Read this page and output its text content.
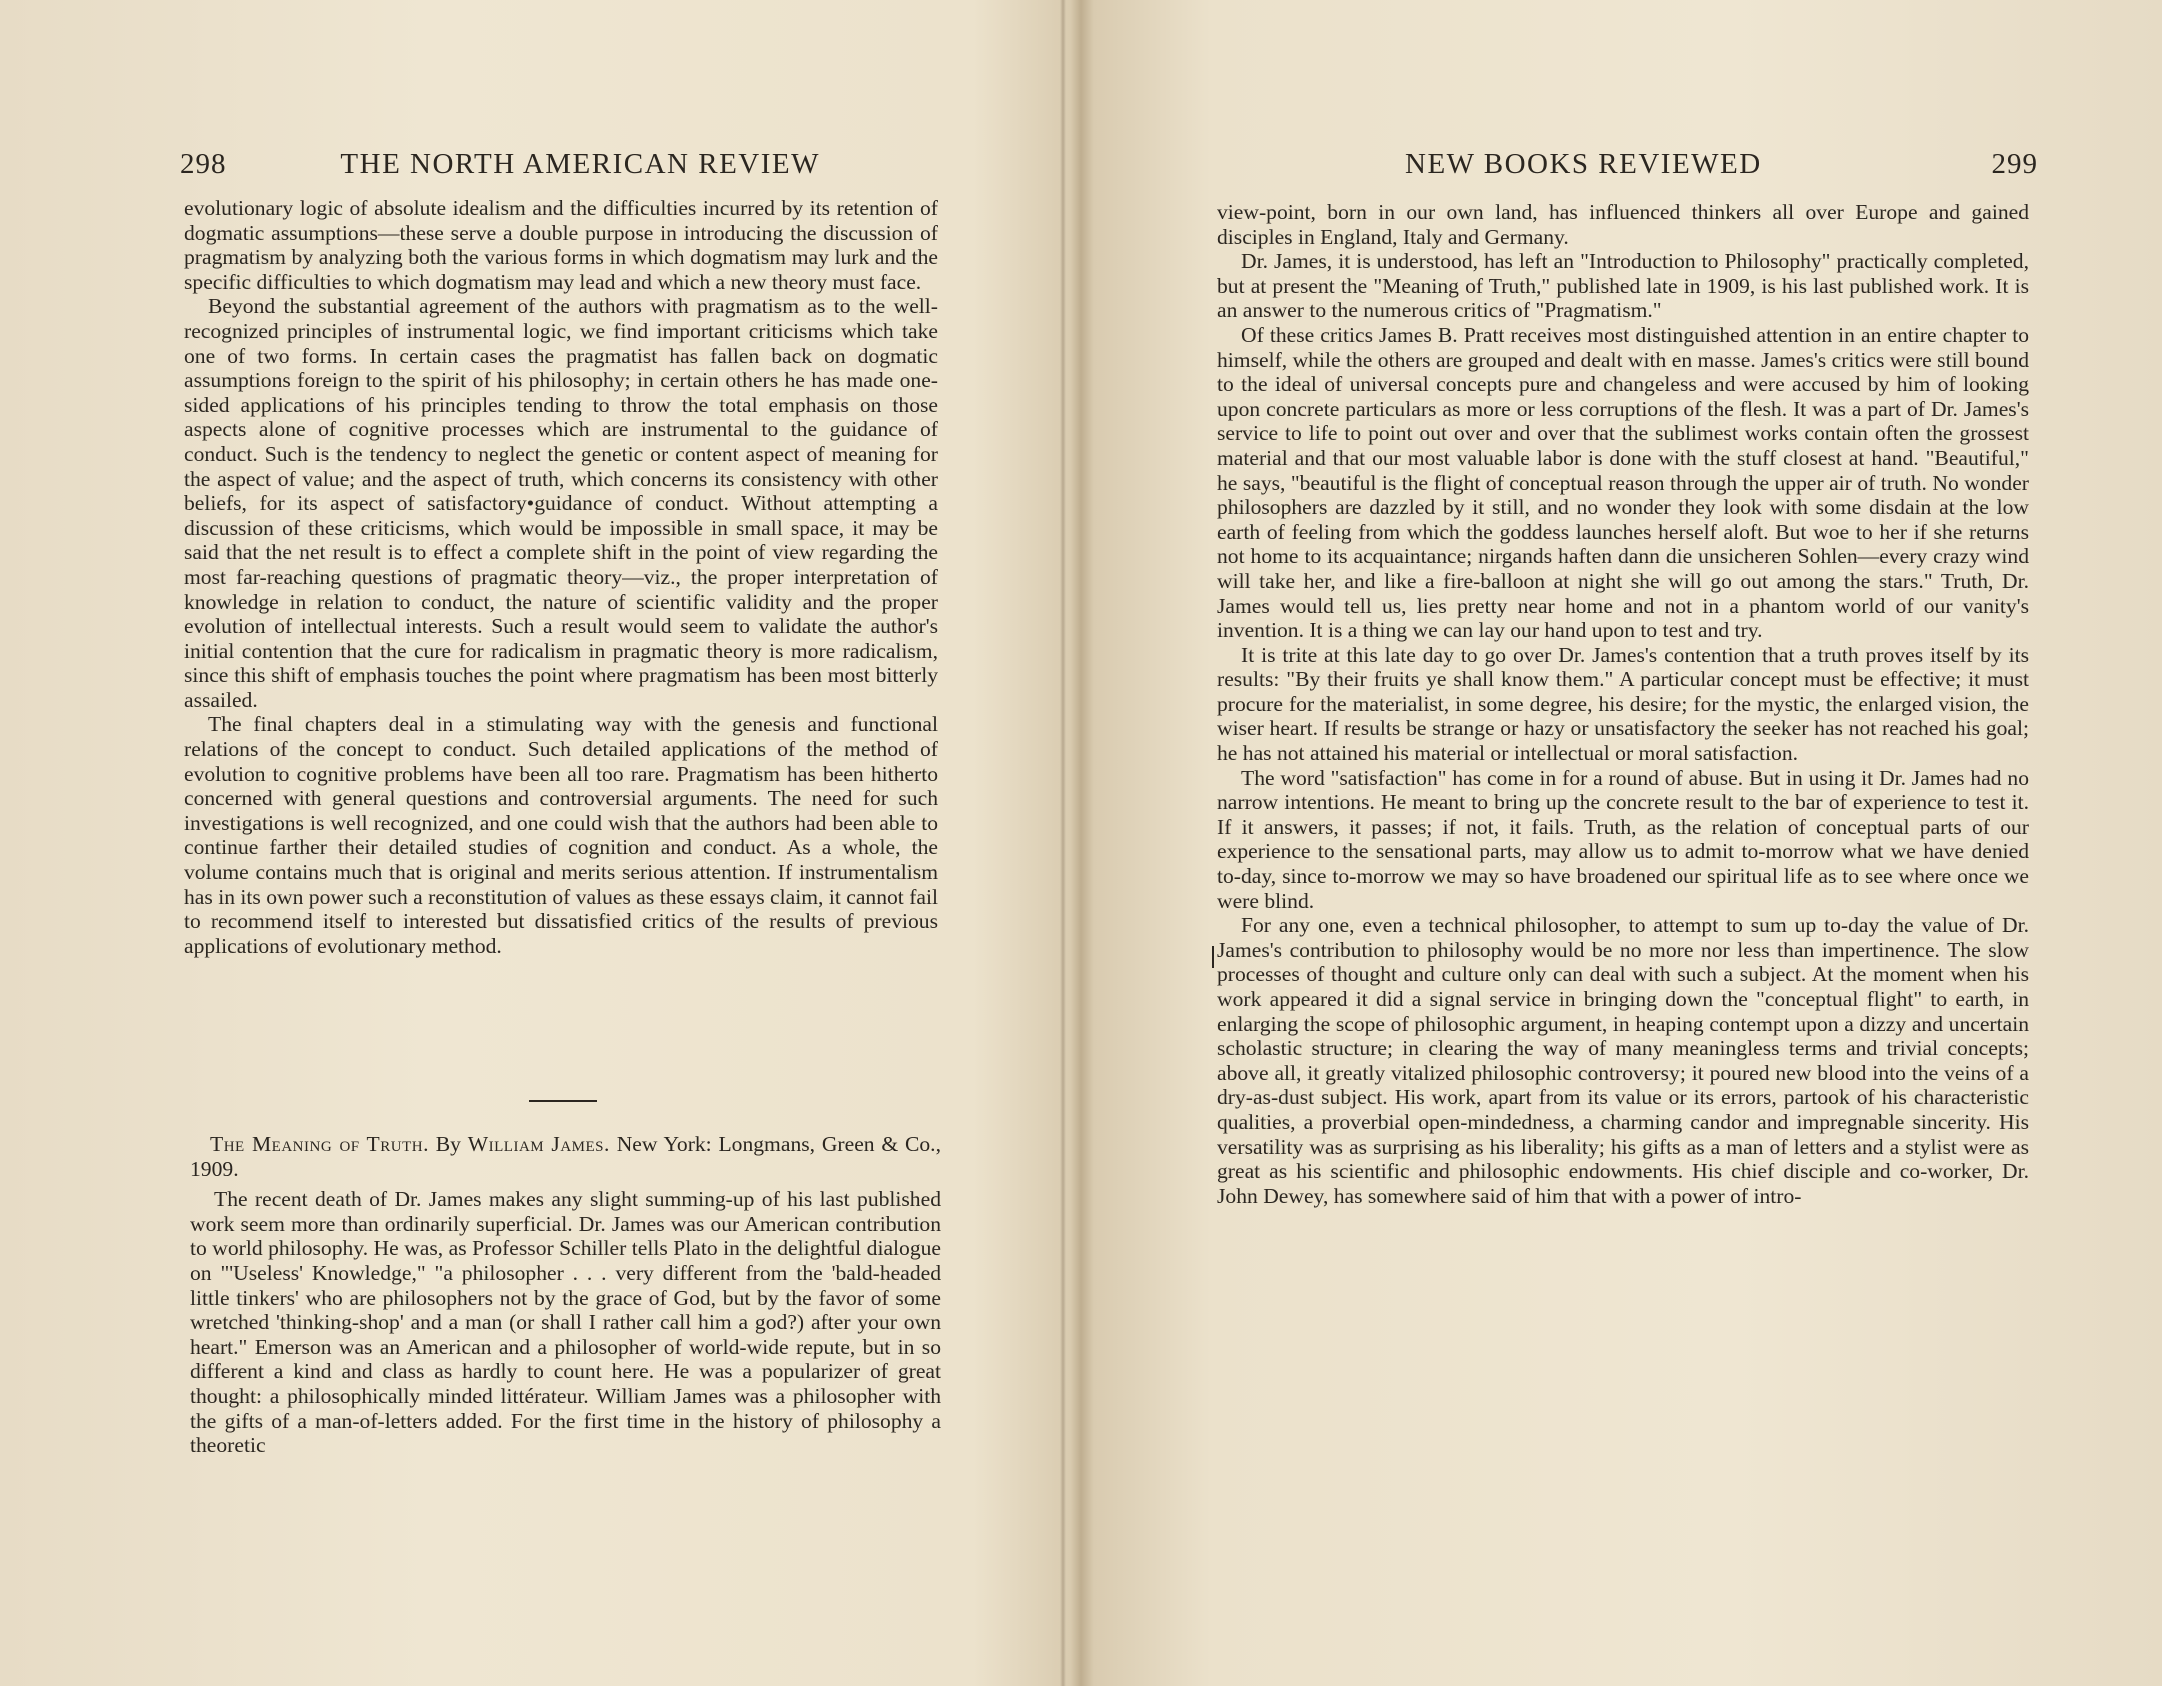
298	THE NORTH AMERICAN REVIEW

evolutionary logic of absolute idealism and the difficulties incurred by its retention of dogmatic assumptions—these serve a double purpose in introducing the discussion of pragmatism by analyzing both the various forms in which dogmatism may lurk and the specific difficulties to which dogmatism may lead and which a new theory must face.

Beyond the substantial agreement of the authors with pragmatism as to the well-recognized principles of instrumental logic, we find important criticisms which take one of two forms. In certain cases the pragmatist has fallen back on dogmatic assumptions foreign to the spirit of his philosophy; in certain others he has made one-sided applications of his principles tending to throw the total emphasis on those aspects alone of cognitive processes which are instrumental to the guidance of conduct. Such is the tendency to neglect the genetic or content aspect of meaning for the aspect of value; and the aspect of truth, which concerns its consistency with other beliefs, for its aspect of satisfactory•guidance of conduct. Without attempting a discussion of these criticisms, which would be impossible in small space, it may be said that the net result is to effect a complete shift in the point of view regarding the most far-reaching questions of pragmatic theory—viz., the proper interpretation of knowledge in relation to conduct, the nature of scientific validity and the proper evolution of intellectual interests. Such a result would seem to validate the author's initial contention that the cure for radicalism in pragmatic theory is more radicalism, since this shift of emphasis touches the point where pragmatism has been most bitterly assailed.

The final chapters deal in a stimulating way with the genesis and functional relations of the concept to conduct. Such detailed applications of the method of evolution to cognitive problems have been all too rare. Pragmatism has been hitherto concerned with general questions and controversial arguments. The need for such investigations is well recognized, and one could wish that the authors had been able to continue farther their detailed studies of cognition and conduct. As a whole, the volume contains much that is original and merits serious attention. If instrumentalism has in its own power such a reconstitution of values as these essays claim, it cannot fail to recommend itself to interested but dissatisfied critics of the results of previous applications of evolutionary method.

The Meaning of Truth. By William James. New York: Longmans, Green & Co., 1909.

The recent death of Dr. James makes any slight summing-up of his last published work seem more than ordinarily superficial. Dr. James was our American contribution to world philosophy. He was, as Professor Schiller tells Plato in the delightful dialogue on "'Useless' Knowledge," "a philosopher . . . very different from the 'bald-headed little tinkers' who are philosophers not by the grace of God, but by the favor of some wretched 'thinking-shop' and a man (or shall I rather call him a god?) after your own heart." Emerson was an American and a philosopher of world-wide repute, but in so different a kind and class as hardly to count here. He was a popularizer of great thought: a philosophically minded littérateur. William James was a philosopher with the gifts of a man-of-letters added. For the first time in the history of philosophy a theoretic

NEW BOOKS REVIEWED	299

view-point, born in our own land, has influenced thinkers all over Europe and gained disciples in England, Italy and Germany.

Dr. James, it is understood, has left an "Introduction to Philosophy" practically completed, but at present the "Meaning of Truth," published late in 1909, is his last published work. It is an answer to the numerous critics of "Pragmatism."

Of these critics James B. Pratt receives most distinguished attention in an entire chapter to himself, while the others are grouped and dealt with en masse. James's critics were still bound to the ideal of universal concepts pure and changeless and were accused by him of looking upon concrete particulars as more or less corruptions of the flesh. It was a part of Dr. James's service to life to point out over and over that the sublimest works contain often the grossest material and that our most valuable labor is done with the stuff closest at hand. "Beautiful," he says, "beautiful is the flight of conceptual reason through the upper air of truth. No wonder philosophers are dazzled by it still, and no wonder they look with some disdain at the low earth of feeling from which the goddess launches herself aloft. But woe to her if she returns not home to its acquaintance; nirgands haften dann die unsicheren Sohlen—every crazy wind will take her, and like a fire-balloon at night she will go out among the stars." Truth, Dr. James would tell us, lies pretty near home and not in a phantom world of our vanity's invention. It is a thing we can lay our hand upon to test and try.

It is trite at this late day to go over Dr. James's contention that a truth proves itself by its results: "By their fruits ye shall know them." A particular concept must be effective; it must procure for the materialist, in some degree, his desire; for the mystic, the enlarged vision, the wiser heart. If results be strange or hazy or unsatisfactory the seeker has not reached his goal; he has not attained his material or intellectual or moral satisfaction.

The word "satisfaction" has come in for a round of abuse. But in using it Dr. James had no narrow intentions. He meant to bring up the concrete result to the bar of experience to test it. If it answers, it passes; if not, it fails. Truth, as the relation of conceptual parts of our experience to the sensational parts, may allow us to admit to-morrow what we have denied to-day, since to-morrow we may so have broadened our spiritual life as to see where once we were blind.

For any one, even a technical philosopher, to attempt to sum up to-day the value of Dr. James's contribution to philosophy would be no more nor less than impertinence. The slow processes of thought and culture only can deal with such a subject. At the moment when his work appeared it did a signal service in bringing down the "conceptual flight" to earth, in enlarging the scope of philosophic argument, in heaping contempt upon a dizzy and uncertain scholastic structure; in clearing the way of many meaningless terms and trivial concepts; above all, it greatly vitalized philosophic controversy; it poured new blood into the veins of a dry-as-dust subject. His work, apart from its value or its errors, partook of his characteristic qualities, a proverbial open-mindedness, a charming candor and impregnable sincerity. His versatility was as surprising as his liberality; his gifts as a man of letters and a stylist were as great as his scientific and philosophic endowments. His chief disciple and co-worker, Dr. John Dewey, has somewhere said of him that with a power of intro-
